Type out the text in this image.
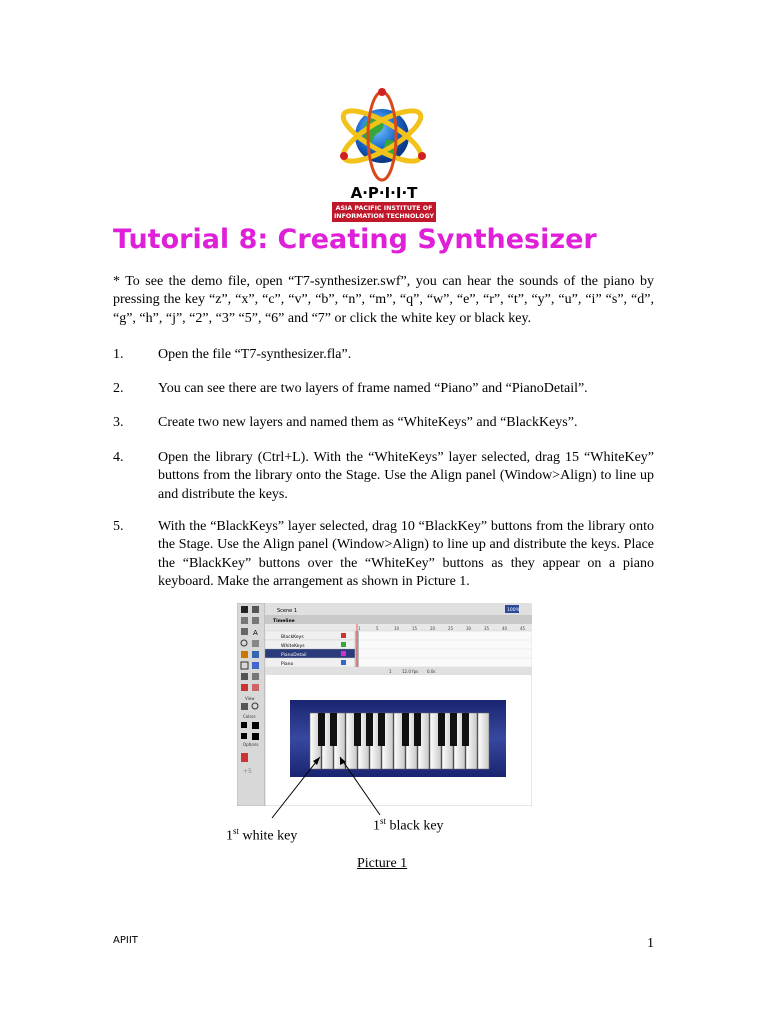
A·P·I·I·T
ASIA PACIFIC INSTITUTE OF
INFORMATION TECHNOLOGY
Tutorial 8: Creating Synthesizer
* To see the demo file, open “T7-synthesizer.swf”, you can hear the sounds of the piano by pressing the key “z”, “x”, “c”, “v”, “b”, “n”, “m”, “q”, “w”, “e”, “r”, “t”, “y”, “u”, “i” “s”, “d”, “g”, “h”, “j”, “2”, “3” “5”, “6” and “7” or click the white key or black key.
1. Open the file “T7-synthesizer.fla”.
2. You can see there are two layers of frame named “Piano” and “PianoDetail”.
3. Create two new layers and named them as “WhiteKeys” and “BlackKeys”.
4. Open the library (Ctrl+L). With the “WhiteKeys” layer selected, drag 15 “WhiteKey” buttons from the library onto the Stage. Use the Align panel (Window>Align) to line up and distribute the keys.
5. With the “BlackKeys” layer selected, drag 10 “BlackKey” buttons from the library onto the Stage. Use the Align panel (Window>Align) to line up and distribute the keys. Place the “BlackKey” buttons over the “WhiteKey” buttons as they appear on a piano keyboard. Make the arrangement as shown in Picture 1.
A
View
Colors
Options
+5
Scene 1	100%
Timeline
1	5	10	15	20	25	30	35	40	45
BlackKeys
WhiteKeys
PianoDetail
Piano
1	12.0 fps 0.0s
1st white key
1st black key
Picture 1
APIIT	1
